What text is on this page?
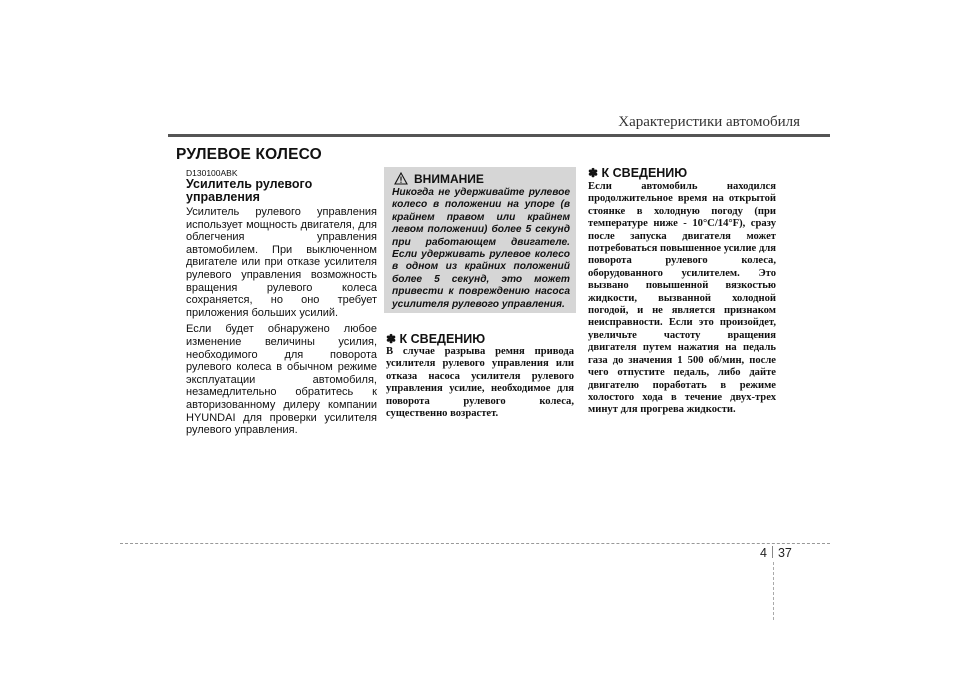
Характеристики автомобиля
РУЛЕВОЕ КОЛЕСО
D130100ABK
Усилитель рулевого управления

Усилитель рулевого управления использует мощность двигателя, для облегчения управления автомобилем. При выключенном двигателе или при отказе усилителя рулевого управления возможность вращения рулевого колеса сохраняется, но оно требует приложения больших усилий.

Если будет обнаружено любое изменение величины усилия, необходимого для поворота рулевого колеса в обычном режиме эксплуатации автомобиля, незамедлительно обратитесь к авторизованному дилеру компании HYUNDAI для проверки усилителя рулевого управления.

ВНИМАНИЕ
Никогда не удерживайте рулевое колесо в положении на упоре (в крайнем правом или крайнем левом положении) более 5 секунд при работающем двигателе. Если удерживать рулевое колесо в одном из крайних положений более 5 секунд, это может привести к повреждению насоса усилителя рулевого управления.
✽ К СВЕДЕНИЮ
В случае разрыва ремня привода усилителя рулевого управления или отказа насоса усилителя рулевого управления усилие, необходимое для поворота рулевого колеса, существенно возрастет.
✽ К СВЕДЕНИЮ
Если автомобиль находился продолжительное время на открытой стоянке в холодную погоду (при температуре ниже - 10°C/14°F), сразу после запуска двигателя может потребоваться повышенное усилие для поворота рулевого колеса, оборудованного усилителем. Это вызвано повышенной вязкостью жидкости, вызванной холодной погодой, и не является признаком неисправности. Если это произойдет, увеличьте частоту вращения двигателя путем нажатия на педаль газа до значения 1 500 об/мин, после чего отпустите педаль, либо дайте двигателю поработать в режиме холостого хода в течение двух-трех минут для прогрева жидкости.
4 37
